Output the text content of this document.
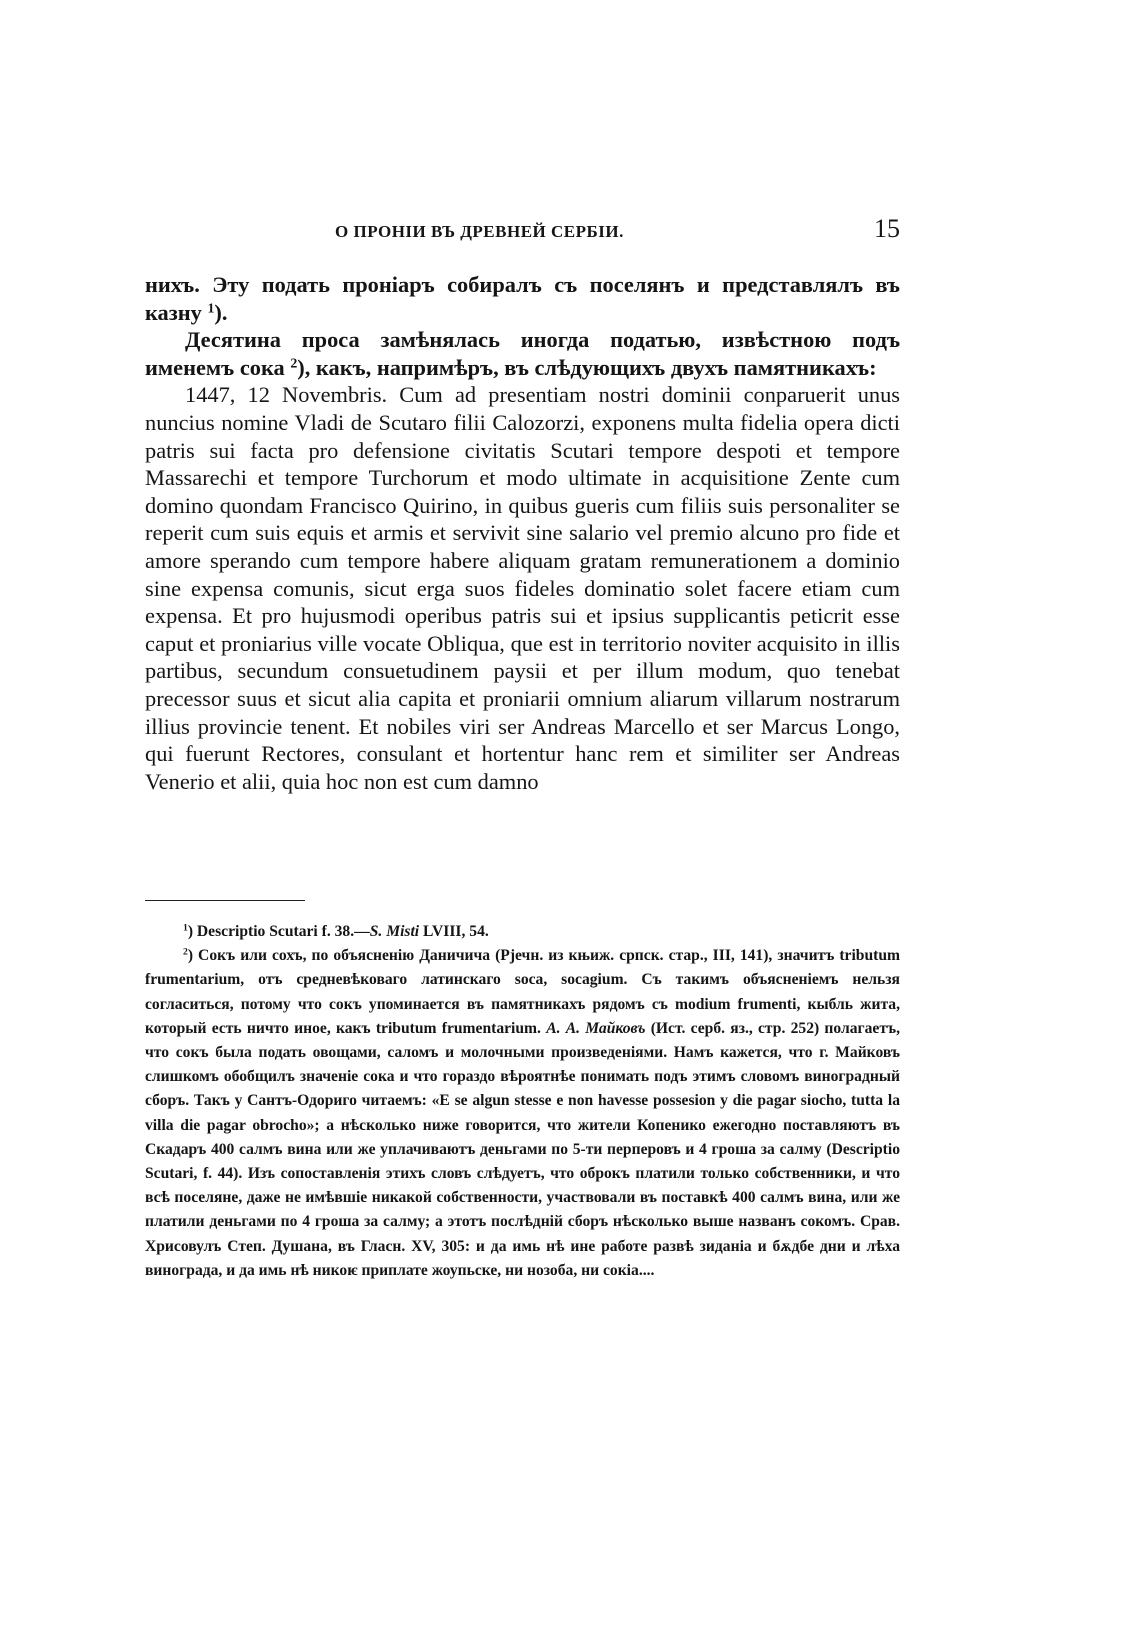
О ПРОНІИ ВЪ ДРЕВНЕЙ СЕРБІИ.	15

нихъ. Эту подать проніаръ собиралъ съ поселянъ и представлялъ въ казну $^1$).

Десятина проса замѣнялась иногда податью, извѣстною подъ именемъ сока $^2$), какъ, напримѣръ, въ слѣдующихъ двухъ памятникахъ:

1447, 12 Novembris. Cum ad presentiam nostri dominii conparuerit unus nuncius nomine Vladi de Scutaro filii Calozorzi, exponens multa fidelia opera dicti patris sui facta pro defensione civitatis Scutari tempore despoti et tempore Massarechi et tempore Turchorum et modo ultimate in acquisitione Zente cum domino quondam Francisco Quirino, in quibus gueris cum filiis suis personaliter se reperit cum suis equis et armis et servivit sine salario vel premio alcuno pro fide et amore sperando cum tempore habere aliquam gratam remunerationem a dominio sine expensa comunis, sicut erga suos fideles dominatio solet facere etiam cum expensa. Et pro hujusmodi operibus patris sui et ipsius supplicantis peticrit esse caput et proniarius ville vocate Obliqua, que est in territorio noviter acquisito in illis partibus, secundum consuetudinem paysii et per illum modum, quo tenebat precessor suus et sicut alia capita et proniarii omnium aliarum villarum nostrarum illius provincie tenent. Et nobiles viri ser Andreas Marcello et ser Marcus Longo, qui fuerunt Rectores, consulant et hortentur hanc rem et similiter ser Andreas Venerio et alii, quia hoc non est cum damno

$^1$) Descriptio Scutari f. 38.—S. Misti LVIII, 54.

$^2$) Сокъ или сохъ, по объясненію Даничича (Рјечн. из књиж. српск. стар., III, 141), значитъ tributum frumentarium, отъ средневѣковаго латинскаго soca, socagium. Съ такимъ объясненіемъ нельзя согласиться, потому что сокъ упоминается въ памятникахъ рядомъ съ modium frumenti, кыбль жита, который есть ничто иное, какъ tributum frumentarium. А. А. Майковъ (Ист. серб. яз., стр. 252) полагаетъ, что сокъ была подать овощами, саломъ и молочными произведеніями. Намъ кажется, что г. Майковъ слишкомъ обобщилъ значеніе сока и что гораздо вѣроятнѣе понимать подъ этимъ словомъ виноградный сборъ. Такъ у Сантъ-Одориго читаемъ: «E se algun stesse e non havesse possesion y die pagar siocho, tutta la villa die pagar obrocho»; а нѣсколько ниже говорится, что жители Копенико ежегодно поставляютъ въ Скадаръ 400 салмъ вина или же уплачиваютъ деньгами по 5-ти перперовъ и 4 гроша за салму (Descriptio Scutari, f. 44). Изъ сопоставленія этихъ словъ слѣдуетъ, что оброкъ платили только собственники, и что всѣ поселяне, даже не имѣвшіе никакой собственности, участвовали въ поставкѣ 400 салмъ вина, или же платили деньгами по 4 гроша за салму; а этотъ послѣдній сборъ нѣсколько выше названъ сокомъ. Срав. Хрисовулъ Степ. Душана, въ Гласн. XV, 305: и да имь нѣ ине работе развѣ зиданіа и бѫдбе дни и лѣха винограда, и да имь нѣ никоѥ приплате жоупьске, ни нозоба, ни сокіа....
